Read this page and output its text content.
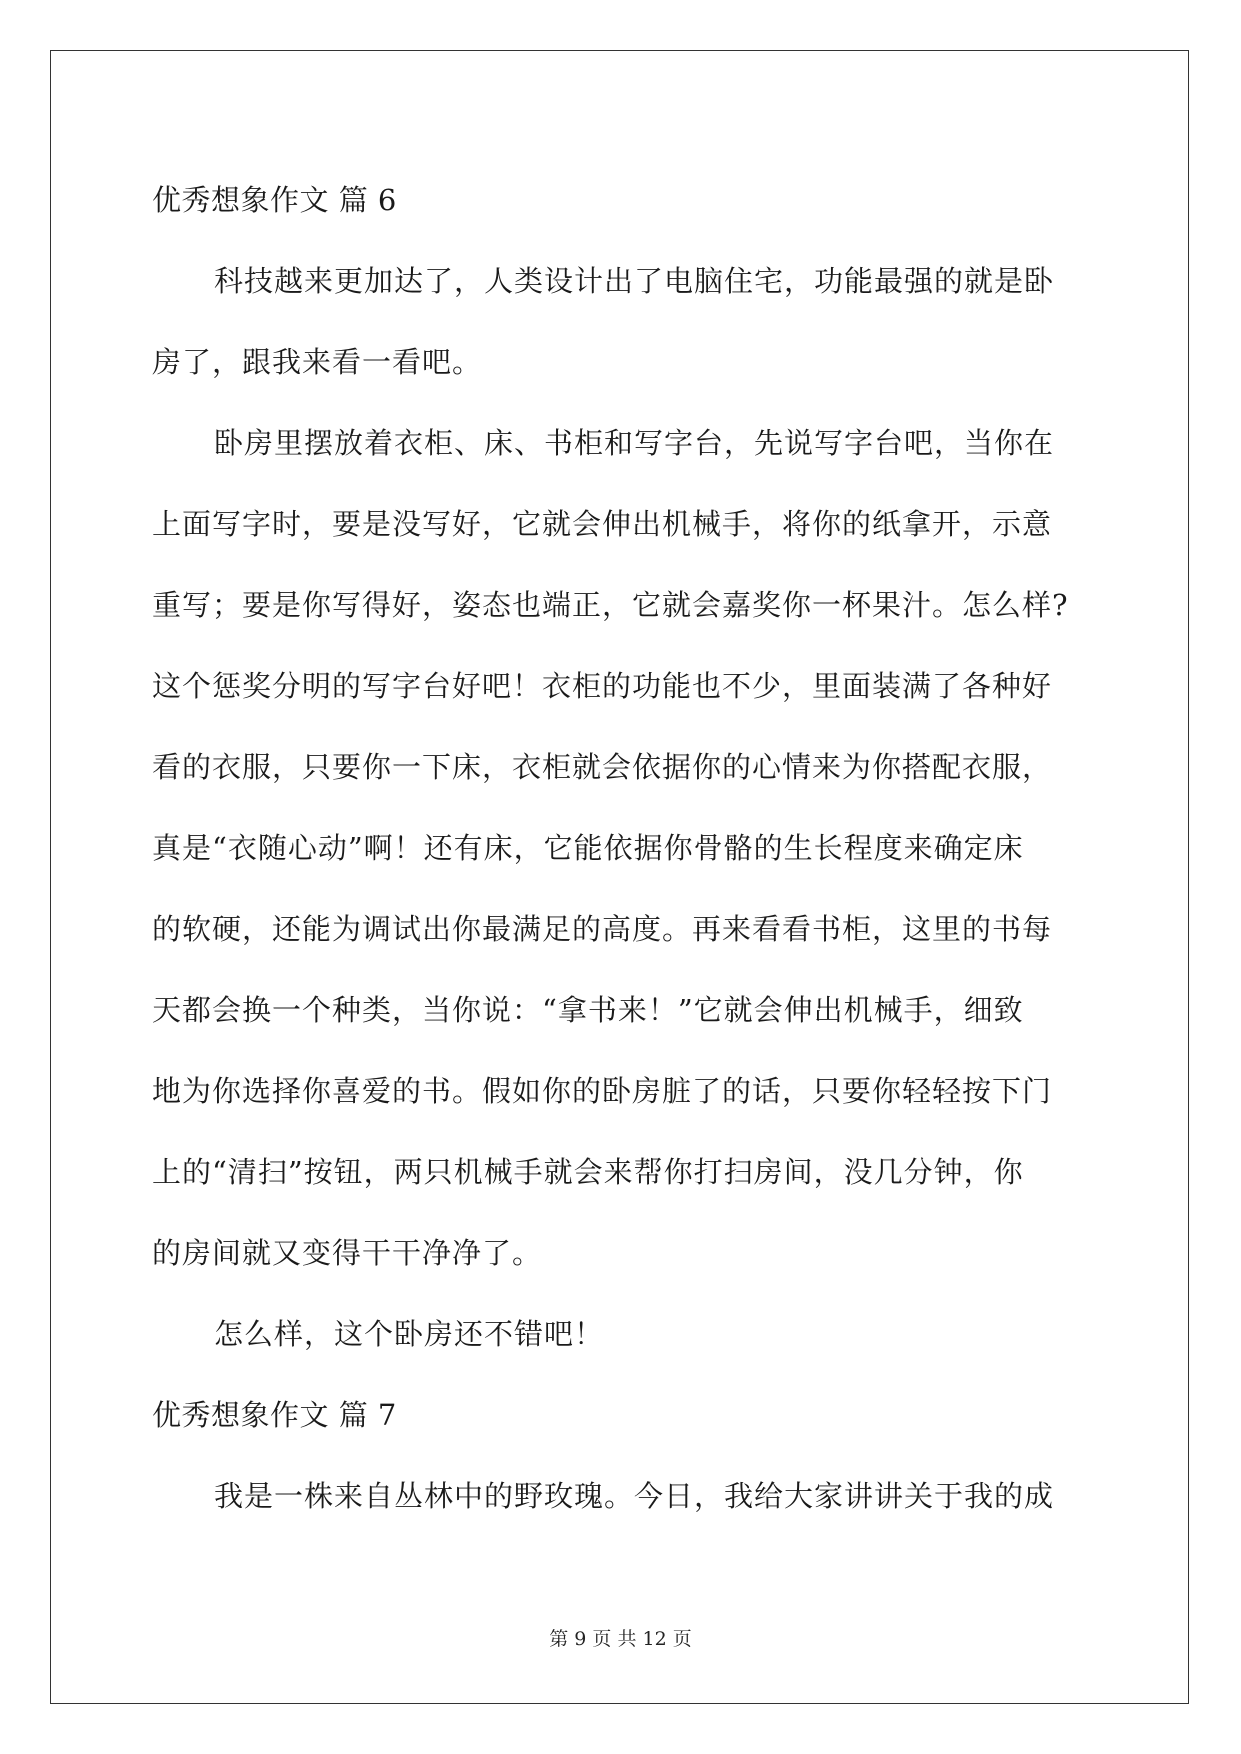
优秀想象作文 篇 6
科技越来更加达了，人类设计出了电脑住宅，功能最强的就是卧
房了，跟我来看一看吧。
卧房里摆放着衣柜、床、书柜和写字台，先说写字台吧，当你在
上面写字时，要是没写好，它就会伸出机械手，将你的纸拿开，示意
重写；要是你写得好，姿态也端正，它就会嘉奖你一杯果汁。怎么样?
这个惩奖分明的写字台好吧！衣柜的功能也不少，里面装满了各种好
看的衣服，只要你一下床，衣柜就会依据你的心情来为你搭配衣服，
真是“衣随心动”啊！还有床，它能依据你骨骼的生长程度来确定床
的软硬，还能为调试出你最满足的高度。再来看看书柜，这里的书每
天都会换一个种类，当你说：“拿书来！”它就会伸出机械手，细致
地为你选择你喜爱的书。假如你的卧房脏了的话，只要你轻轻按下门
上的“清扫”按钮，两只机械手就会来帮你打扫房间，没几分钟，你
的房间就又变得干干净净了。
怎么样，这个卧房还不错吧！
优秀想象作文 篇 7
我是一株来自丛林中的野玫瑰。今日，我给大家讲讲关于我的成
第 9 页 共 12 页
